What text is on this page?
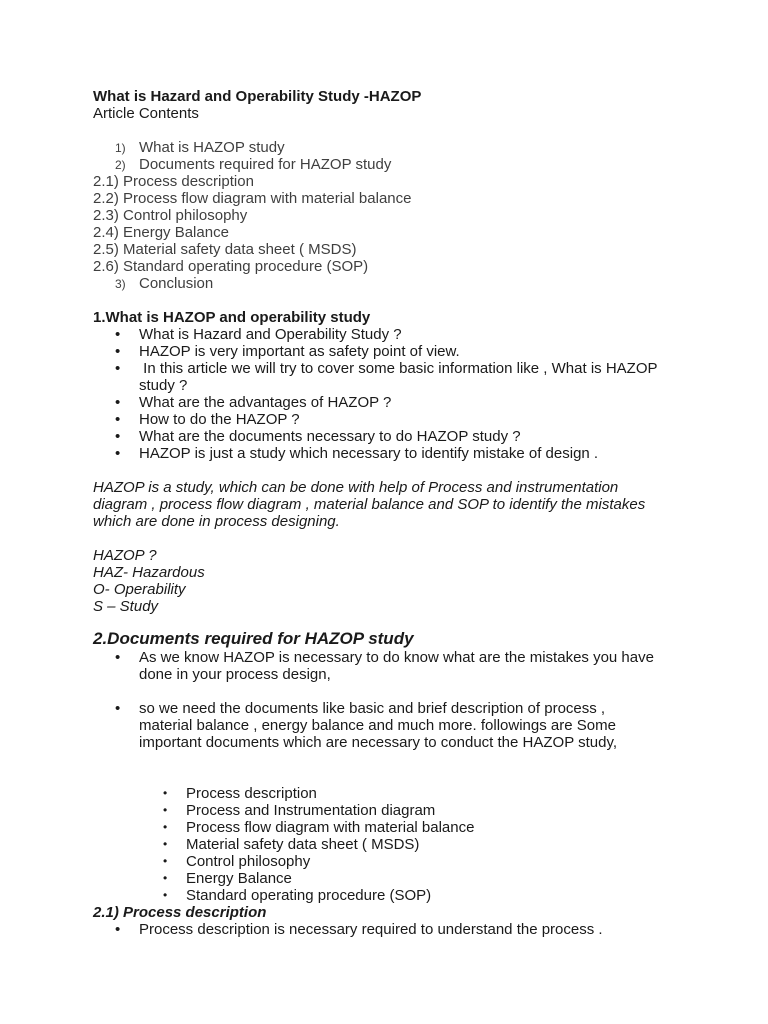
What is Hazard and Operability Study -HAZOP
Article Contents
1) What is HAZOP study
2) Documents required for HAZOP study
2.1) Process description
2.2) Process flow diagram with material balance
2.3) Control philosophy
2.4) Energy Balance
2.5) Material safety data sheet ( MSDS)
2.6) Standard operating procedure (SOP)
3) Conclusion
1.What is HAZOP and operability study
• What is Hazard and Operability Study ?
• HAZOP is very important as safety point of view.
• In this article we will try to cover some basic information like , What is HAZOP
study ?
• What are the advantages of HAZOP ?
• How to do the HAZOP ?
• What are the documents necessary to do HAZOP study ?
• HAZOP is just a study which necessary to identify mistake of design .
HAZOP is a study, which can be done with help of Process and instrumentation
diagram , process flow diagram , material balance and SOP to identify the mistakes
which are done in process designing.
HAZOP ?
HAZ- Hazardous
O- Operability
S – Study
2.Documents required for HAZOP study
• As we know HAZOP is necessary to do know what are the mistakes you have
done in your process design,
• so we need the documents like basic and brief description of process ,
material balance , energy balance and much more. followings are Some
important documents which are necessary to conduct the HAZOP study,
• Process description
• Process and Instrumentation diagram
• Process flow diagram with material balance
• Material safety data sheet ( MSDS)
• Control philosophy
• Energy Balance
• Standard operating procedure (SOP)
2.1) Process description
• Process description is necessary required to understand the process .
